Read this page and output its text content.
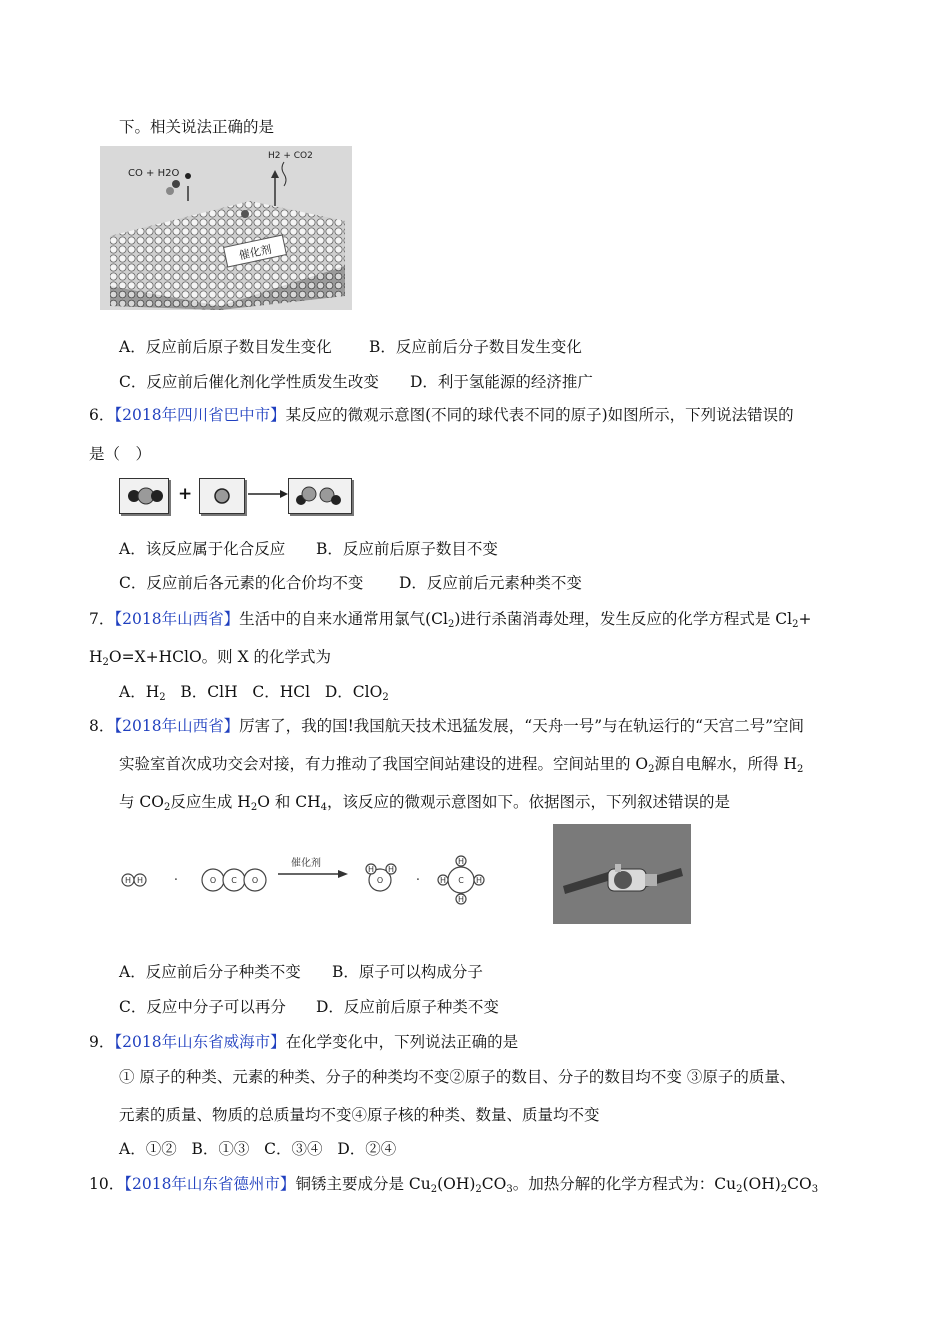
下。相关说法正确的是
催化剂
CO + H2O
H2 + CO2
A．反应前后原子数目发生变化 B．反应前后分子数目发生变化
C．反应前后催化剂化学性质发生改变 D．利于氢能源的经济推广
6．【2018年四川省巴中市】某反应的微观示意图(不同的球代表不同的原子)如图所示，下列说法错误的
是（　）
+
A．该反应属于化合反应 B．反应前后原子数目不变
C．反应前后各元素的化合价均不变 D．反应前后元素种类不变
7．【2018年山西省】生活中的自来水通常用氯气$(Cl_2)$进行杀菌消毒处理，发生反应的化学方程式是 $Cl_2+$
$H_2O=X+HClO$。则 X 的化学式为
A．$H_2$ B．ClH C．HCl D．ClO$_2$
8．【2018年山西省】厉害了，我的国!我国航天技术迅猛发展，“天舟一号”与在轨运行的“天宫二号”空间
实验室首次成功交会对接，有力推动了我国空间站建设的进程。空间站里的 $O_2$源自电解水，所得 $H_2$
与 $CO_2$反应生成 $H_2O$ 和 $CH_4$，该反应的微观示意图如下。依据图示，下列叙述错误的是
H H	O C O	O
H H
C
H
H
H	H
·	·
催化剂
A．反应前后分子种类不变 B．原子可以构成分子
C．反应中分子可以再分 D．反应前后原子种类不变
9．【2018年山东省威海市】在化学变化中，下列说法正确的是
① 原子的种类、元素的种类、分子的种类均不变②原子的数目、分子的数目均不变 ③原子的质量、
元素的质量、物质的总质量均不变④原子核的种类、数量、质量均不变
A．①② B．①③ C．③④ D．②④
10．【2018年山东省德州市】铜锈主要成分是 $Cu_2(OH)_2CO_3$。加热分解的化学方程式为：$Cu_2(OH)_2CO_3$
